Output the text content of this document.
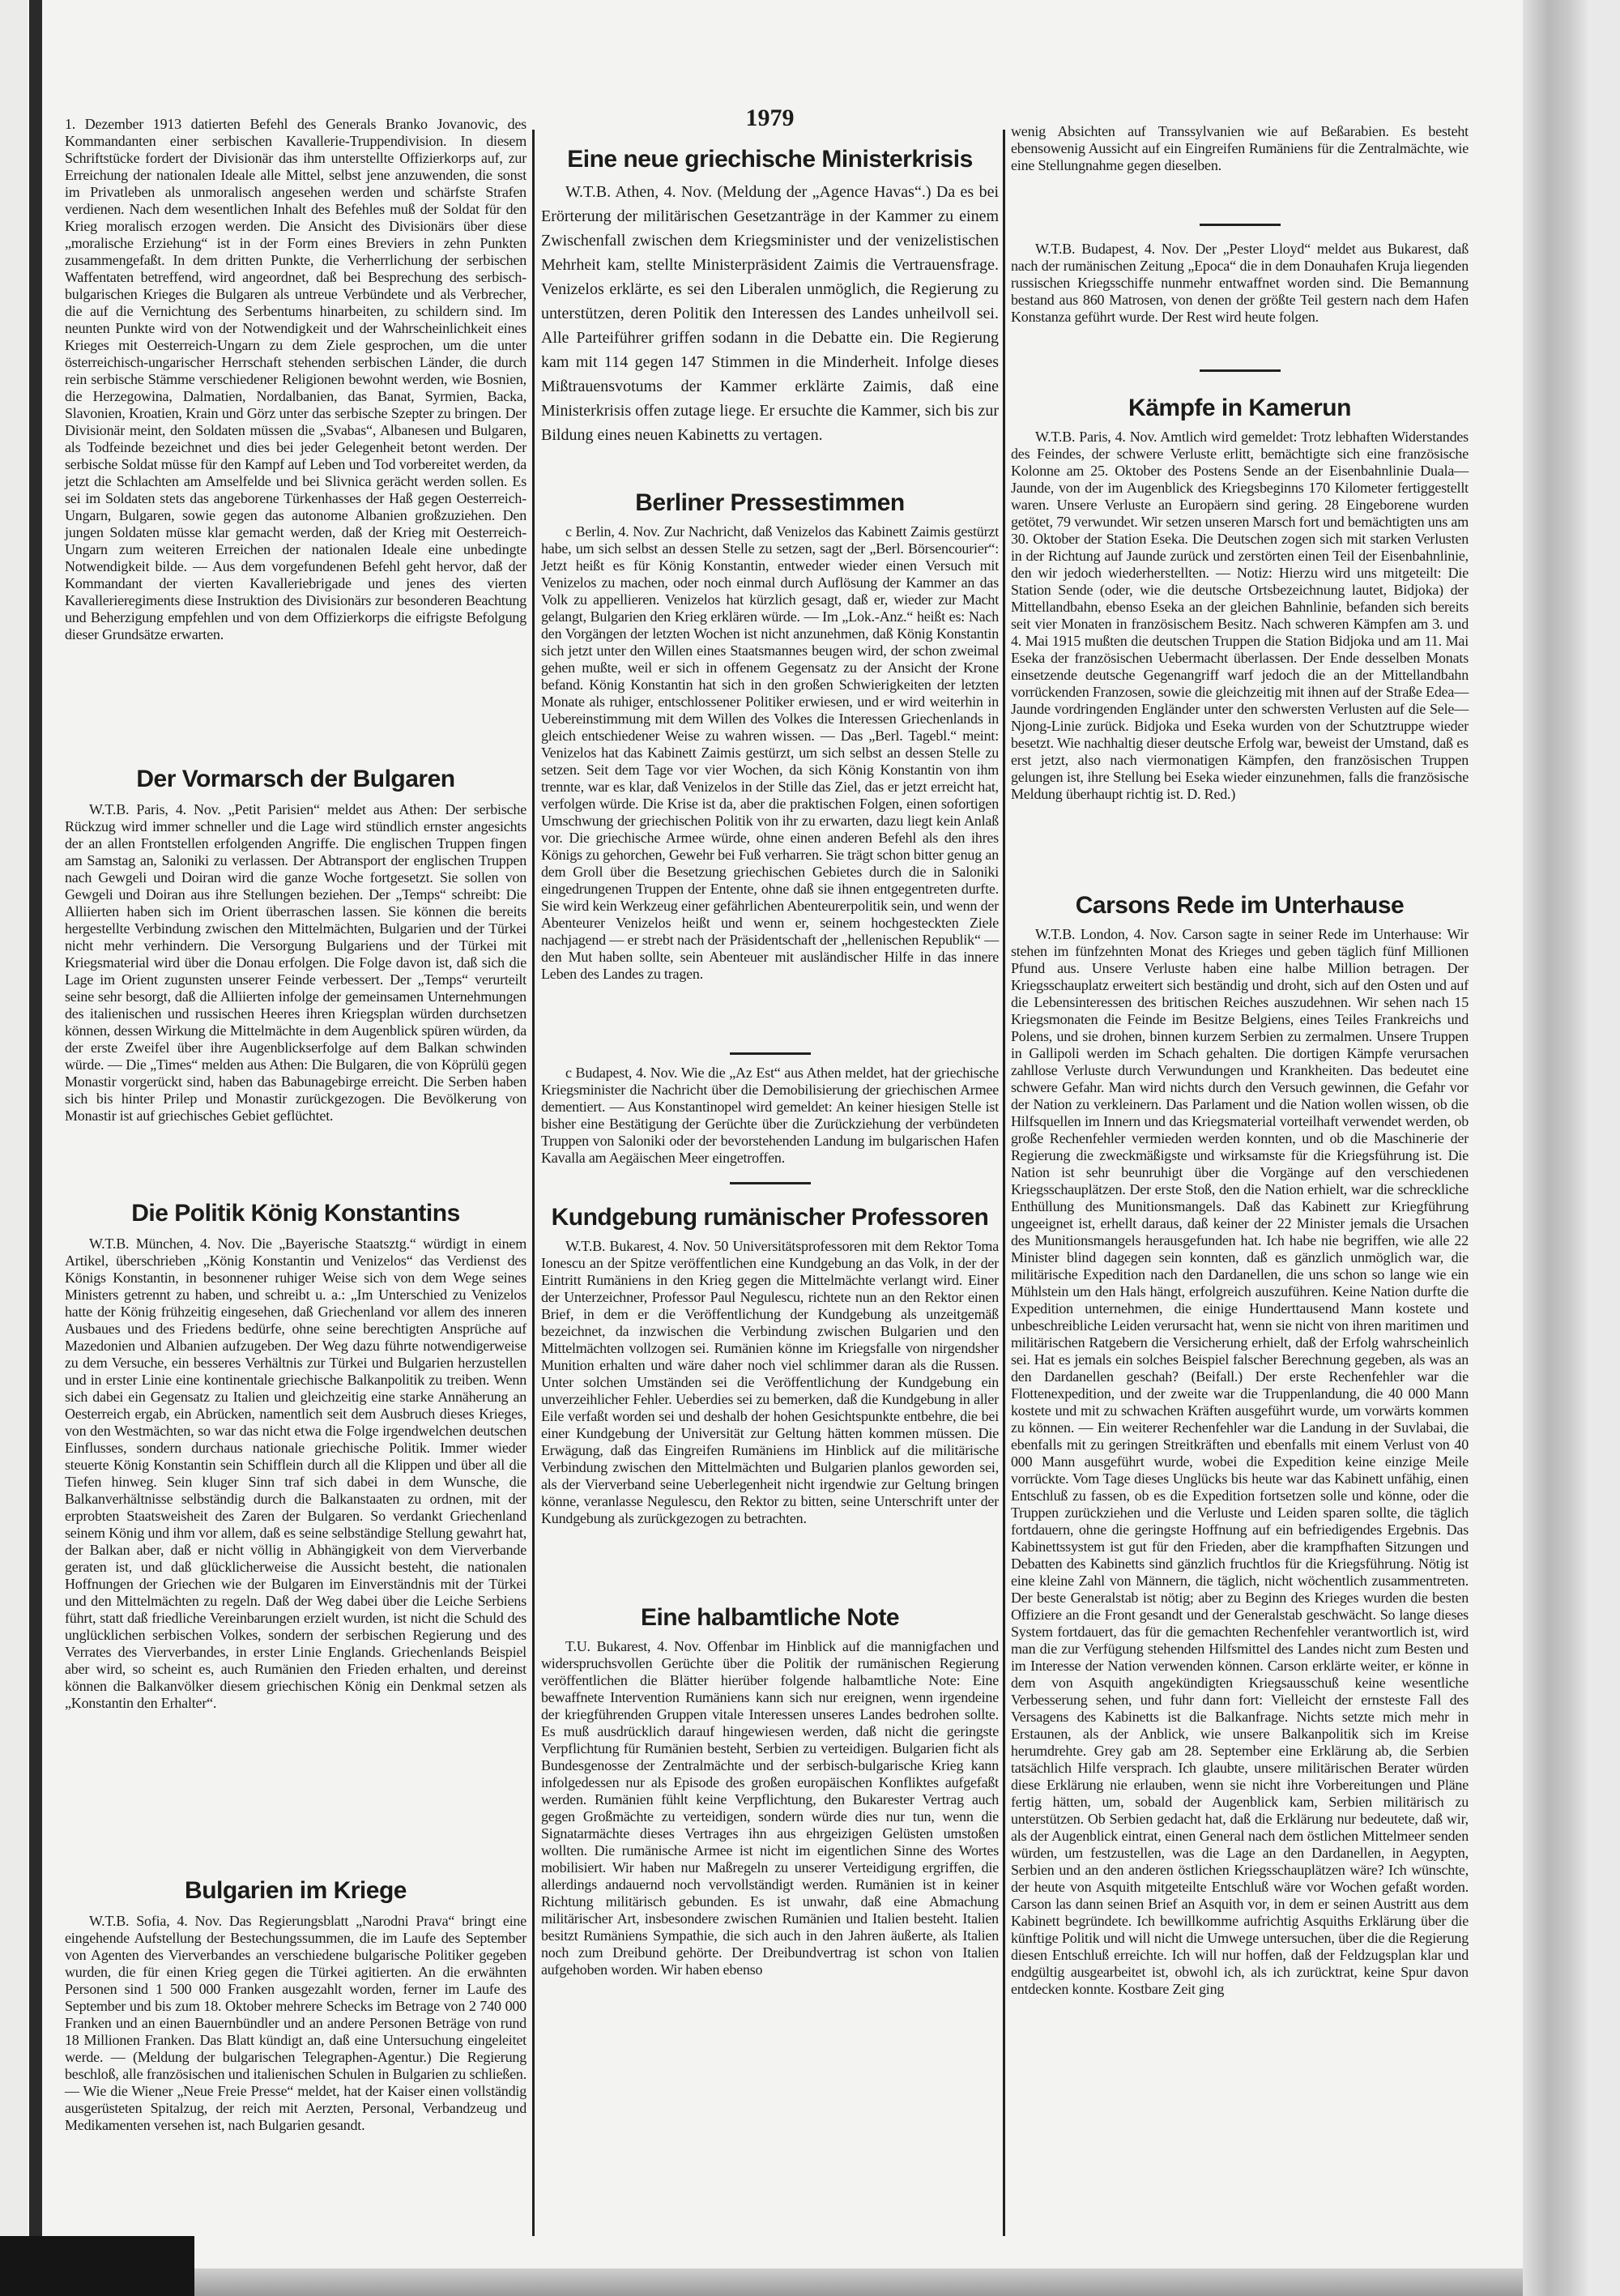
1. Dezember 1913 datierten Befehl des Generals Branko Jovanovic, des Kommandanten einer serbischen Kavallerie-Truppendivision. In diesem Schriftstücke fordert der Divisionär das ihm unterstellte Offizierkorps auf, zur Erreichung der nationalen Ideale alle Mittel, selbst jene anzuwenden, die sonst im Privatleben als unmoralisch angesehen werden und schärfste Strafen verdienen. Nach dem wesentlichen Inhalt des Befehles muß der Soldat für den Krieg moralisch erzogen werden. Die Ansicht des Divisionärs über diese „moralische Erziehung“ ist in der Form eines Breviers in zehn Punkten zusammengefaßt. In dem dritten Punkte, die Verherrlichung der serbischen Waffentaten betreffend, wird angeordnet, daß bei Besprechung des serbisch-bulgarischen Krieges die Bulgaren als untreue Verbündete und als Verbrecher, die auf die Vernichtung des Serbentums hinarbeiten, zu schildern sind. Im neunten Punkte wird von der Notwendigkeit und der Wahrscheinlichkeit eines Krieges mit Oesterreich-Ungarn zu dem Ziele gesprochen, um die unter österreichisch-ungarischer Herrschaft stehenden serbischen Länder, die durch rein serbische Stämme verschiedener Religionen bewohnt werden, wie Bosnien, die Herzegowina, Dalmatien, Nordalbanien, das Banat, Syrmien, Backa, Slavonien, Kroatien, Krain und Görz unter das serbische Szepter zu bringen. Der Divisionär meint, den Soldaten müssen die „Svabas“, Albanesen und Bulgaren, als Todfeinde bezeichnet und dies bei jeder Gelegenheit betont werden. Der serbische Soldat müsse für den Kampf auf Leben und Tod vorbereitet werden, da jetzt die Schlachten am Amselfelde und bei Slivnica gerächt werden sollen. Es sei im Soldaten stets das angeborene Türkenhasses der Haß gegen Oesterreich-Ungarn, Bulgaren, sowie gegen das autonome Albanien großzuziehen. Den jungen Soldaten müsse klar gemacht werden, daß der Krieg mit Oesterreich-Ungarn zum weiteren Erreichen der nationalen Ideale eine unbedingte Notwendigkeit bilde. — Aus dem vorgefundenen Befehl geht hervor, daß der Kommandant der vierten Kavalleriebrigade und jenes des vierten Kavallerieregiments diese Instruktion des Divisionärs zur besonderen Beachtung und Beherzigung empfehlen und von dem Offizierkorps die eifrigste Befolgung dieser Grundsätze erwarten.

Der Vormarsch der Bulgaren

W.T.B. Paris, 4. Nov. „Petit Parisien“ meldet aus Athen: Der serbische Rückzug wird immer schneller und die Lage wird stündlich ernster angesichts der an allen Frontstellen erfolgenden Angriffe. Die englischen Truppen fingen am Samstag an, Saloniki zu verlassen. Der Abtransport der englischen Truppen nach Gewgeli und Doiran wird die ganze Woche fortgesetzt. Sie sollen von Gewgeli und Doiran aus ihre Stellungen beziehen. Der „Temps“ schreibt: Die Alliierten haben sich im Orient überraschen lassen. Sie können die bereits hergestellte Verbindung zwischen den Mittelmächten, Bulgarien und der Türkei nicht mehr verhindern. Die Versorgung Bulgariens und der Türkei mit Kriegsmaterial wird über die Donau erfolgen. Die Folge davon ist, daß sich die Lage im Orient zugunsten unserer Feinde verbessert. Der „Temps“ verurteilt seine sehr besorgt, daß die Alliierten infolge der gemeinsamen Unternehmungen des italienischen und russischen Heeres ihren Kriegsplan würden durchsetzen können, dessen Wirkung die Mittelmächte in dem Augenblick spüren würden, da der erste Zweifel über ihre Augenblickserfolge auf dem Balkan schwinden würde. — Die „Times“ melden aus Athen: Die Bulgaren, die von Köprülü gegen Monastir vorgerückt sind, haben das Babunagebirge erreicht. Die Serben haben sich bis hinter Prilep und Monastir zurückgezogen. Die Bevölkerung von Monastir ist auf griechisches Gebiet geflüchtet.

Die Politik König Konstantins

W.T.B. München, 4. Nov. Die „Bayerische Staatsztg.“ würdigt in einem Artikel, überschrieben „König Konstantin und Venizelos“ das Verdienst des Königs Konstantin, in besonnener ruhiger Weise sich von dem Wege seines Ministers getrennt zu haben, und schreibt u. a.: „Im Unterschied zu Venizelos hatte der König frühzeitig eingesehen, daß Griechenland vor allem des inneren Ausbaues und des Friedens bedürfe, ohne seine berechtigten Ansprüche auf Mazedonien und Albanien aufzugeben. Der Weg dazu führte notwendigerweise zu dem Versuche, ein besseres Verhältnis zur Türkei und Bulgarien herzustellen und in erster Linie eine kontinentale griechische Balkanpolitik zu treiben. Wenn sich dabei ein Gegensatz zu Italien und gleichzeitig eine starke Annäherung an Oesterreich ergab, ein Abrücken, namentlich seit dem Ausbruch dieses Krieges, von den Westmächten, so war das nicht etwa die Folge irgendwelchen deutschen Einflusses, sondern durchaus nationale griechische Politik. Immer wieder steuerte König Konstantin sein Schifflein durch all die Klippen und über all die Tiefen hinweg. Sein kluger Sinn traf sich dabei in dem Wunsche, die Balkanverhältnisse selbständig durch die Balkanstaaten zu ordnen, mit der erprobten Staatsweisheit des Zaren der Bulgaren. So verdankt Griechenland seinem König und ihm vor allem, daß es seine selbständige Stellung gewahrt hat, der Balkan aber, daß er nicht völlig in Abhängigkeit von dem Vierverbande geraten ist, und daß glücklicherweise die Aussicht besteht, die nationalen Hoffnungen der Griechen wie der Bulgaren im Einverständnis mit der Türkei und den Mittelmächten zu regeln. Daß der Weg dabei über die Leiche Serbiens führt, statt daß friedliche Vereinbarungen erzielt wurden, ist nicht die Schuld des unglücklichen serbischen Volkes, sondern der serbischen Regierung und des Verrates des Vierverbandes, in erster Linie Englands. Griechenlands Beispiel aber wird, so scheint es, auch Rumänien den Frieden erhalten, und dereinst können die Balkanvölker diesem griechischen König ein Denkmal setzen als „Konstantin den Erhalter“.

Bulgarien im Kriege

W.T.B. Sofia, 4. Nov. Das Regierungsblatt „Narodni Prava“ bringt eine eingehende Aufstellung der Bestechungssummen, die im Laufe des September von Agenten des Vierverbandes an verschiedene bulgarische Politiker gegeben wurden, die für einen Krieg gegen die Türkei agitierten. An die erwähnten Personen sind 1 500 000 Franken ausgezahlt worden, ferner im Laufe des September und bis zum 18. Oktober mehrere Schecks im Betrage von 2 740 000 Franken und an einen Bauernbündler und an andere Personen Beträge von rund 18 Millionen Franken. Das Blatt kündigt an, daß eine Untersuchung eingeleitet werde. — (Meldung der bulgarischen Telegraphen-Agentur.) Die Regierung beschloß, alle französischen und italienischen Schulen in Bulgarien zu schließen. — Wie die Wiener „Neue Freie Presse“ meldet, hat der Kaiser einen vollständig ausgerüsteten Spitalzug, der reich mit Aerzten, Personal, Verbandzeug und Medikamenten versehen ist, nach Bulgarien gesandt.

1979
Eine neue griechische Ministerkrisis

W.T.B. Athen, 4. Nov. (Meldung der „Agence Havas“.) Da es bei Erörterung der militärischen Gesetzanträge in der Kammer zu einem Zwischenfall zwischen dem Kriegsminister und der venizelistischen Mehrheit kam, stellte Ministerpräsident Zaimis die Vertrauensfrage. Venizelos erklärte, es sei den Liberalen unmöglich, die Regierung zu unterstützen, deren Politik den Interessen des Landes unheilvoll sei. Alle Parteiführer griffen sodann in die Debatte ein. Die Regierung kam mit 114 gegen 147 Stimmen in die Minderheit. Infolge dieses Mißtrauensvotums der Kammer erklärte Zaimis, daß eine Ministerkrisis offen zutage liege. Er ersuchte die Kammer, sich bis zur Bildung eines neuen Kabinetts zu vertagen.

Berliner Pressestimmen

c Berlin, 4. Nov. Zur Nachricht, daß Venizelos das Kabinett Zaimis gestürzt habe, um sich selbst an dessen Stelle zu setzen, sagt der „Berl. Börsencourier“: Jetzt heißt es für König Konstantin, entweder wieder einen Versuch mit Venizelos zu machen, oder noch einmal durch Auflösung der Kammer an das Volk zu appellieren. Venizelos hat kürzlich gesagt, daß er, wieder zur Macht gelangt, Bulgarien den Krieg erklären würde. — Im „Lok.-Anz.“ heißt es: Nach den Vorgängen der letzten Wochen ist nicht anzunehmen, daß König Konstantin sich jetzt unter den Willen eines Staatsmannes beugen wird, der schon zweimal gehen mußte, weil er sich in offenem Gegensatz zu der Ansicht der Krone befand. König Konstantin hat sich in den großen Schwierigkeiten der letzten Monate als ruhiger, entschlossener Politiker erwiesen, und er wird weiterhin in Uebereinstimmung mit dem Willen des Volkes die Interessen Griechenlands in gleich entschiedener Weise zu wahren wissen. — Das „Berl. Tagebl.“ meint: Venizelos hat das Kabinett Zaimis gestürzt, um sich selbst an dessen Stelle zu setzen. Seit dem Tage vor vier Wochen, da sich König Konstantin von ihm trennte, war es klar, daß Venizelos in der Stille das Ziel, das er jetzt erreicht hat, verfolgen würde. Die Krise ist da, aber die praktischen Folgen, einen sofortigen Umschwung der griechischen Politik von ihr zu erwarten, dazu liegt kein Anlaß vor. Die griechische Armee würde, ohne einen anderen Befehl als den ihres Königs zu gehorchen, Gewehr bei Fuß verharren. Sie trägt schon bitter genug an dem Groll über die Besetzung griechischen Gebietes durch die in Saloniki eingedrungenen Truppen der Entente, ohne daß sie ihnen entgegentreten durfte. Sie wird kein Werkzeug einer gefährlichen Abenteurerpolitik sein, und wenn der Abenteurer Venizelos heißt und wenn er, seinem hochgesteckten Ziele nachjagend — er strebt nach der Präsidentschaft der „hellenischen Republik“ — den Mut haben sollte, sein Abenteuer mit ausländischer Hilfe in das innere Leben des Landes zu tragen.

c Budapest, 4. Nov. Wie die „Az Est“ aus Athen meldet, hat der griechische Kriegsminister die Nachricht über die Demobilisierung der griechischen Armee dementiert. — Aus Konstantinopel wird gemeldet: An keiner hiesigen Stelle ist bisher eine Bestätigung der Gerüchte über die Zurückziehung der verbündeten Truppen von Saloniki oder der bevorstehenden Landung im bulgarischen Hafen Kavalla am Aegäischen Meer eingetroffen.

Kundgebung rumänischer Professoren

W.T.B. Bukarest, 4. Nov. 50 Universitätsprofessoren mit dem Rektor Toma Ionescu an der Spitze veröffentlichen eine Kundgebung an das Volk, in der der Eintritt Rumäniens in den Krieg gegen die Mittelmächte verlangt wird. Einer der Unterzeichner, Professor Paul Negulescu, richtete nun an den Rektor einen Brief, in dem er die Veröffentlichung der Kundgebung als unzeitgemäß bezeichnet, da inzwischen die Verbindung zwischen Bulgarien und den Mittelmächten vollzogen sei. Rumänien könne im Kriegsfalle von nirgendsher Munition erhalten und wäre daher noch viel schlimmer daran als die Russen. Unter solchen Umständen sei die Veröffentlichung der Kundgebung ein unverzeihlicher Fehler. Ueberdies sei zu bemerken, daß die Kundgebung in aller Eile verfaßt worden sei und deshalb der hohen Gesichtspunkte entbehre, die bei einer Kundgebung der Universität zur Geltung hätten kommen müssen. Die Erwägung, daß das Eingreifen Rumäniens im Hinblick auf die militärische Verbindung zwischen den Mittelmächten und Bulgarien planlos geworden sei, als der Vierverband seine Ueberlegenheit nicht irgendwie zur Geltung bringen könne, veranlasse Negulescu, den Rektor zu bitten, seine Unterschrift unter der Kundgebung als zurückgezogen zu betrachten.

Eine halbamtliche Note

T.U. Bukarest, 4. Nov. Offenbar im Hinblick auf die mannigfachen und widerspruchsvollen Gerüchte über die Politik der rumänischen Regierung veröffentlichen die Blätter hierüber folgende halbamtliche Note: Eine bewaffnete Intervention Rumäniens kann sich nur ereignen, wenn irgendeine der kriegführenden Gruppen vitale Interessen unseres Landes bedrohen sollte. Es muß ausdrücklich darauf hingewiesen werden, daß nicht die geringste Verpflichtung für Rumänien besteht, Serbien zu verteidigen. Bulgarien ficht als Bundesgenosse der Zentralmächte und der serbisch-bulgarische Krieg kann infolgedessen nur als Episode des großen europäischen Konfliktes aufgefaßt werden. Rumänien fühlt keine Verpflichtung, den Bukarester Vertrag auch gegen Großmächte zu verteidigen, sondern würde dies nur tun, wenn die Signatarmächte dieses Vertrages ihn aus ehrgeizigen Gelüsten umstoßen wollten. Die rumänische Armee ist nicht im eigentlichen Sinne des Wortes mobilisiert. Wir haben nur Maßregeln zu unserer Verteidigung ergriffen, die allerdings andauernd noch vervollständigt werden. Rumänien ist in keiner Richtung militärisch gebunden. Es ist unwahr, daß eine Abmachung militärischer Art, insbesondere zwischen Rumänien und Italien besteht. Italien besitzt Rumäniens Sympathie, die sich auch in den Jahren äußerte, als Italien noch zum Dreibund gehörte. Der Dreibundvertrag ist schon von Italien aufgehoben worden. Wir haben ebenso

wenig Absichten auf Transsylvanien wie auf Beßarabien. Es besteht ebensowenig Aussicht auf ein Eingreifen Rumäniens für die Zentralmächte, wie eine Stellungnahme gegen dieselben.

W.T.B. Budapest, 4. Nov. Der „Pester Lloyd“ meldet aus Bukarest, daß nach der rumänischen Zeitung „Epoca“ die in dem Donauhafen Kruja liegenden russischen Kriegsschiffe nunmehr entwaffnet worden sind. Die Bemannung bestand aus 860 Matrosen, von denen der größte Teil gestern nach dem Hafen Konstanza geführt wurde. Der Rest wird heute folgen.

Kämpfe in Kamerun

W.T.B. Paris, 4. Nov. Amtlich wird gemeldet: Trotz lebhaften Widerstandes des Feindes, der schwere Verluste erlitt, bemächtigte sich eine französische Kolonne am 25. Oktober des Postens Sende an der Eisenbahnlinie Duala—Jaunde, von der im Augenblick des Kriegsbeginns 170 Kilometer fertiggestellt waren. Unsere Verluste an Europäern sind gering. 28 Eingeborene wurden getötet, 79 verwundet. Wir setzen unseren Marsch fort und bemächtigten uns am 30. Oktober der Station Eseka. Die Deutschen zogen sich mit starken Verlusten in der Richtung auf Jaunde zurück und zerstörten einen Teil der Eisenbahnlinie, den wir jedoch wiederherstellten. — Notiz: Hierzu wird uns mitgeteilt: Die Station Sende (oder, wie die deutsche Ortsbezeichnung lautet, Bidjoka) der Mittellandbahn, ebenso Eseka an der gleichen Bahnlinie, befanden sich bereits seit vier Monaten in französischem Besitz. Nach schweren Kämpfen am 3. und 4. Mai 1915 mußten die deutschen Truppen die Station Bidjoka und am 11. Mai Eseka der französischen Uebermacht überlassen. Der Ende desselben Monats einsetzende deutsche Gegenangriff warf jedoch die an der Mittellandbahn vorrückenden Franzosen, sowie die gleichzeitig mit ihnen auf der Straße Edea—Jaunde vordringenden Engländer unter den schwersten Verlusten auf die Sele—Njong-Linie zurück. Bidjoka und Eseka wurden von der Schutztruppe wieder besetzt. Wie nachhaltig dieser deutsche Erfolg war, beweist der Umstand, daß es erst jetzt, also nach viermonatigen Kämpfen, den französischen Truppen gelungen ist, ihre Stellung bei Eseka wieder einzunehmen, falls die französische Meldung überhaupt richtig ist. D. Red.)

Carsons Rede im Unterhause

W.T.B. London, 4. Nov. Carson sagte in seiner Rede im Unterhause: Wir stehen im fünfzehnten Monat des Krieges und geben täglich fünf Millionen Pfund aus. Unsere Verluste haben eine halbe Million betragen. Der Kriegsschauplatz erweitert sich beständig und droht, sich auf den Osten und auf die Lebensinteressen des britischen Reiches auszudehnen. Wir sehen nach 15 Kriegsmonaten die Feinde im Besitze Belgiens, eines Teiles Frankreichs und Polens, und sie drohen, binnen kurzem Serbien zu zermalmen. Unsere Truppen in Gallipoli werden im Schach gehalten. Die dortigen Kämpfe verursachen zahllose Verluste durch Verwundungen und Krankheiten. Das bedeutet eine schwere Gefahr. Man wird nichts durch den Versuch gewinnen, die Gefahr vor der Nation zu verkleinern. Das Parlament und die Nation wollen wissen, ob die Hilfsquellen im Innern und das Kriegsmaterial vorteilhaft verwendet werden, ob große Rechenfehler vermieden werden konnten, und ob die Maschinerie der Regierung die zweckmäßigste und wirksamste für die Kriegsführung ist. Die Nation ist sehr beunruhigt über die Vorgänge auf den verschiedenen Kriegsschauplätzen. Der erste Stoß, den die Nation erhielt, war die schreckliche Enthüllung des Munitionsmangels. Daß das Kabinett zur Kriegführung ungeeignet ist, erhellt daraus, daß keiner der 22 Minister jemals die Ursachen des Munitionsmangels herausgefunden hat. Ich habe nie begriffen, wie alle 22 Minister blind dagegen sein konnten, daß es gänzlich unmöglich war, die militärische Expedition nach den Dardanellen, die uns schon so lange wie ein Mühlstein um den Hals hängt, erfolgreich auszuführen. Keine Nation durfte die Expedition unternehmen, die einige Hunderttausend Mann kostete und unbeschreibliche Leiden verursacht hat, wenn sie nicht von ihren maritimen und militärischen Ratgebern die Versicherung erhielt, daß der Erfolg wahrscheinlich sei. Hat es jemals ein solches Beispiel falscher Berechnung gegeben, als was an den Dardanellen geschah? (Beifall.) Der erste Rechenfehler war die Flottenexpedition, und der zweite war die Truppenlandung, die 40 000 Mann kostete und mit zu schwachen Kräften ausgeführt wurde, um vorwärts kommen zu können. — Ein weiterer Rechenfehler war die Landung in der Suvlabai, die ebenfalls mit zu geringen Streitkräften und ebenfalls mit einem Verlust von 40 000 Mann ausgeführt wurde, wobei die Expedition keine einzige Meile vorrückte. Vom Tage dieses Unglücks bis heute war das Kabinett unfähig, einen Entschluß zu fassen, ob es die Expedition fortsetzen solle und könne, oder die Truppen zurückziehen und die Verluste und Leiden sparen sollte, die täglich fortdauern, ohne die geringste Hoffnung auf ein befriedigendes Ergebnis. Das Kabinettssystem ist gut für den Frieden, aber die krampfhaften Sitzungen und Debatten des Kabinetts sind gänzlich fruchtlos für die Kriegsführung. Nötig ist eine kleine Zahl von Männern, die täglich, nicht wöchentlich zusammentreten. Der beste Generalstab ist nötig; aber zu Beginn des Krieges wurden die besten Offiziere an die Front gesandt und der Generalstab geschwächt. So lange dieses System fortdauert, das für die gemachten Rechenfehler verantwortlich ist, wird man die zur Verfügung stehenden Hilfsmittel des Landes nicht zum Besten und im Interesse der Nation verwenden können. Carson erklärte weiter, er könne in dem von Asquith angekündigten Kriegsausschuß keine wesentliche Verbesserung sehen, und fuhr dann fort: Vielleicht der ernsteste Fall des Versagens des Kabinetts ist die Balkanfrage. Nichts setzte mich mehr in Erstaunen, als der Anblick, wie unsere Balkanpolitik sich im Kreise herumdrehte. Grey gab am 28. September eine Erklärung ab, die Serbien tatsächlich Hilfe versprach. Ich glaubte, unsere militärischen Berater würden diese Erklärung nie erlauben, wenn sie nicht ihre Vorbereitungen und Pläne fertig hätten, um, sobald der Augenblick kam, Serbien militärisch zu unterstützen. Ob Serbien gedacht hat, daß die Erklärung nur bedeutete, daß wir, als der Augenblick eintrat, einen General nach dem östlichen Mittelmeer senden würden, um festzustellen, was die Lage an den Dardanellen, in Aegypten, Serbien und an den anderen östlichen Kriegsschauplätzen wäre? Ich wünschte, der heute von Asquith mitgeteilte Entschluß wäre vor Wochen gefaßt worden. Carson las dann seinen Brief an Asquith vor, in dem er seinen Austritt aus dem Kabinett begründete. Ich bewillkomme aufrichtig Asquiths Erklärung über die künftige Politik und will nicht die Umwege untersuchen, über die die Regierung diesen Entschluß erreichte. Ich will nur hoffen, daß der Feldzugsplan klar und endgültig ausgearbeitet ist, obwohl ich, als ich zurücktrat, keine Spur davon entdecken konnte. Kostbare Zeit ging
